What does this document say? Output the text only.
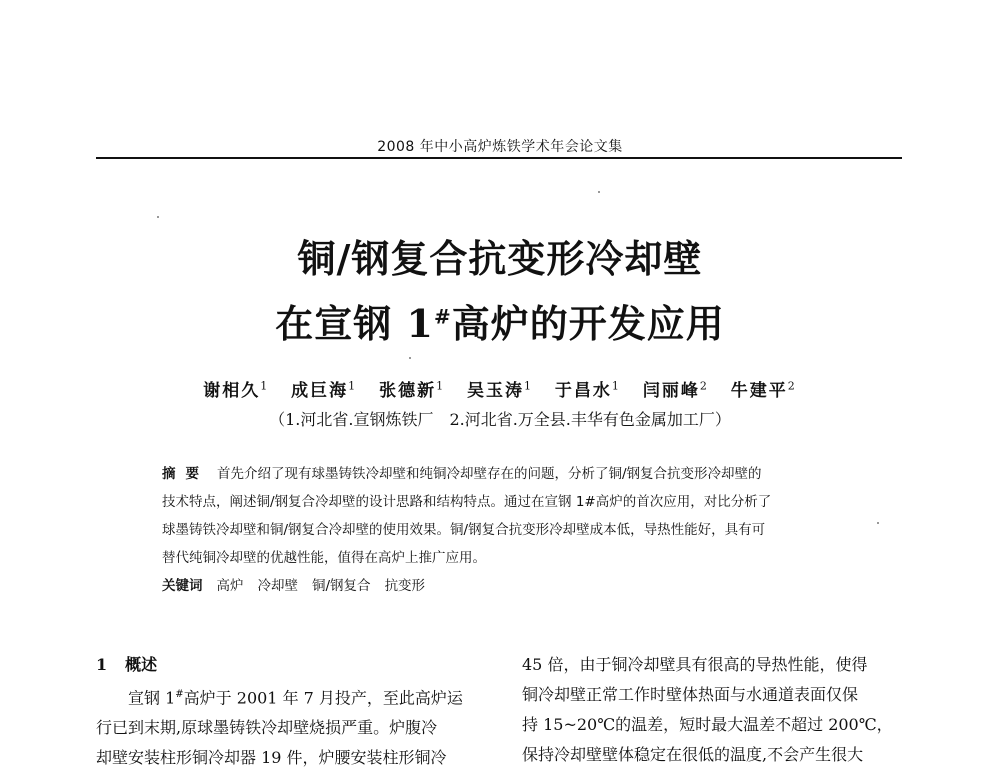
2008 年中小高炉炼铁学术年会论文集
铜/钢复合抗变形冷却壁
在宣钢 1#高炉的开发应用
谢相久$^1$ 成巨海$^1$ 张德新$^1$ 吴玉涛$^1$ 于昌水$^1$ 闫丽峰$^2$ 牛建平$^2$
（1.河北省.宣钢炼铁厂　2.河北省.万全县.丰华有色金属加工厂）
摘要 首先介绍了现有球墨铸铁冷却壁和纯铜冷却壁存在的问题，分析了铜/钢复合抗变形冷却壁的
技术特点，阐述铜/钢复合冷却壁的设计思路和结构特点。通过在宣钢 1#高炉的首次应用，对比分析了
球墨铸铁冷却壁和铜/钢复合冷却壁的使用效果。铜/钢复合抗变形冷却壁成本低，导热性能好，具有可
替代纯铜冷却壁的优越性能，值得在高炉上推广应用。
关键词 高炉 冷却壁 铜/钢复合 抗变形
1 概述
宣钢 1#高炉于 2001 年 7 月投产，至此高炉运
行已到末期,原球墨铸铁冷却壁烧损严重。炉腹冷
却壁安装柱形铜冷却器 19 件，炉腰安装柱形铜冷
45 倍，由于铜冷却壁具有很高的导热性能，使得
铜冷却壁正常工作时壁体热面与水通道表面仅保
持 15~20℃的温差，短时最大温差不超过 200℃，
保持冷却壁壁体稳定在很低的温度,不会产生很大
